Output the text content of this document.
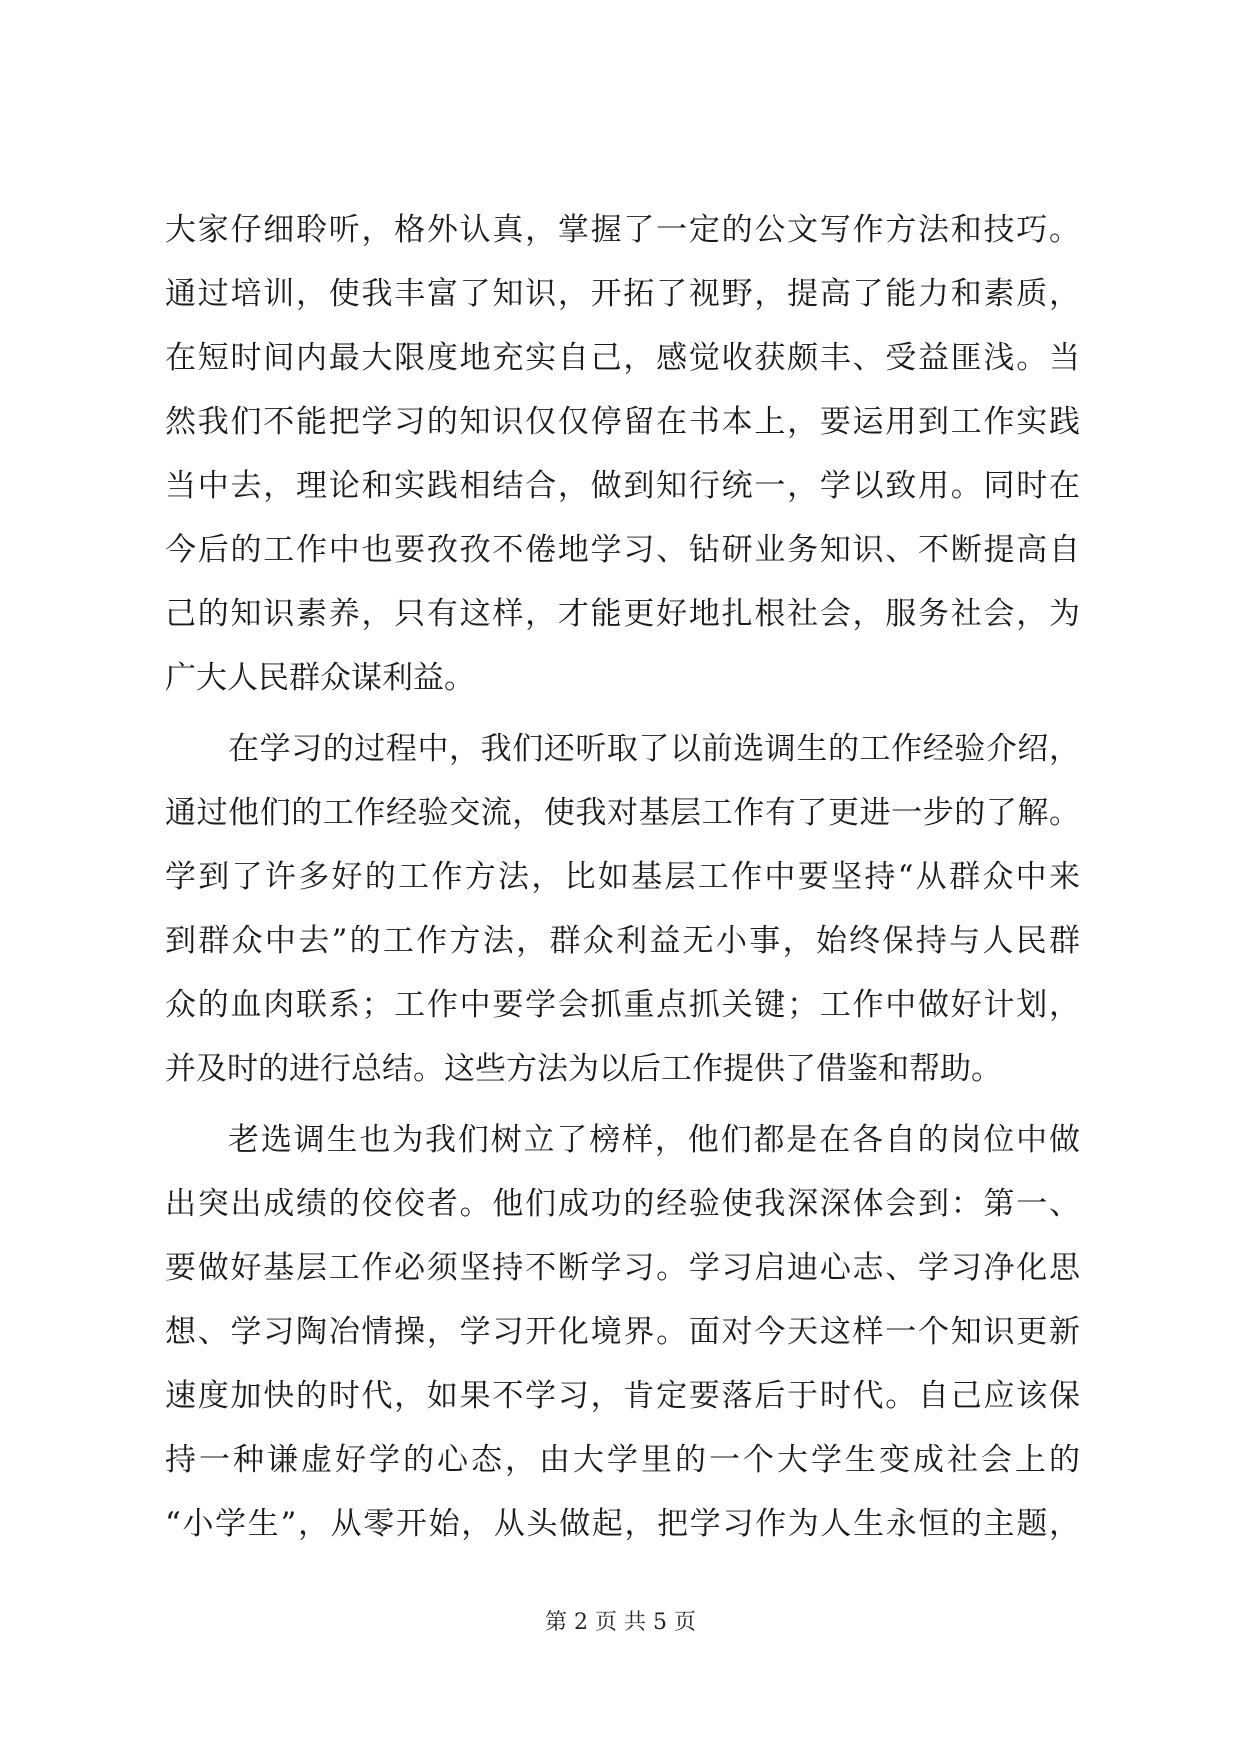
大家仔细聆听，格外认真，掌握了一定的公文写作方法和技巧。
通过培训，使我丰富了知识，开拓了视野，提高了能力和素质，
在短时间内最大限度地充实自己，感觉收获颇丰、受益匪浅。当
然我们不能把学习的知识仅仅停留在书本上，要运用到工作实践
当中去，理论和实践相结合，做到知行统一，学以致用。同时在
今后的工作中也要孜孜不倦地学习、钻研业务知识、不断提高自
己的知识素养，只有这样，才能更好地扎根社会，服务社会，为
广大人民群众谋利益。
在学习的过程中，我们还听取了以前选调生的工作经验介绍，
通过他们的工作经验交流，使我对基层工作有了更进一步的了解。
学到了许多好的工作方法，比如基层工作中要坚持“从群众中来
到群众中去”的工作方法，群众利益无小事，始终保持与人民群
众的血肉联系；工作中要学会抓重点抓关键；工作中做好计划，
并及时的进行总结。这些方法为以后工作提供了借鉴和帮助。
老选调生也为我们树立了榜样，他们都是在各自的岗位中做
出突出成绩的佼佼者。他们成功的经验使我深深体会到：第一、
要做好基层工作必须坚持不断学习。学习启迪心志、学习净化思
想、学习陶冶情操，学习开化境界。面对今天这样一个知识更新
速度加快的时代，如果不学习，肯定要落后于时代。自己应该保
持一种谦虚好学的心态，由大学里的一个大学生变成社会上的
“小学生”，从零开始，从头做起，把学习作为人生永恒的主题，
第 2 页 共 5 页
